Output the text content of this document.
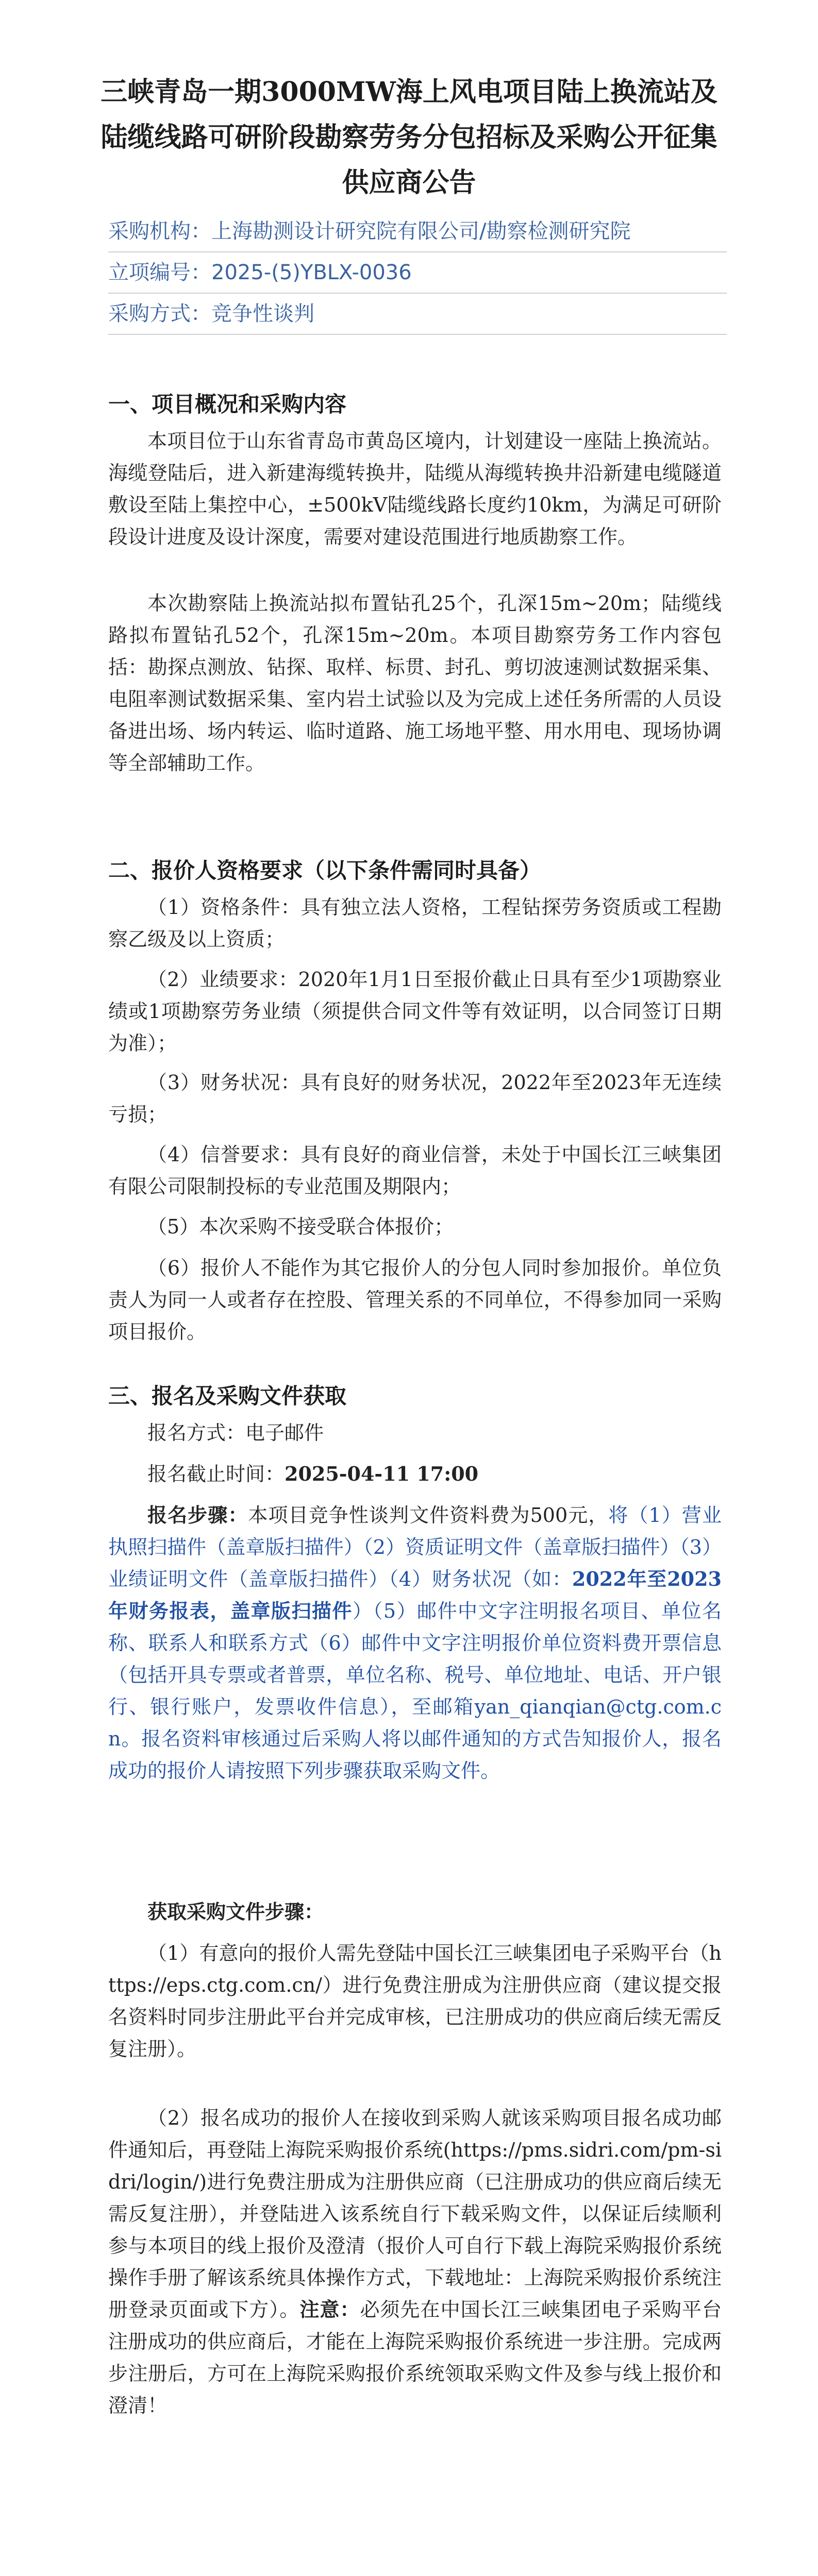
三峡青岛一期3000MW海上风电项目陆上换流站及
陆缆线路可研阶段勘察劳务分包招标及采购公开征集
供应商公告
采购机构：上海勘测设计研究院有限公司/勘察检测研究院
立项编号：2025-(5)YBLX-0036
采购方式：竞争性谈判
一、项目概况和采购内容
本项目位于山东省青岛市黄岛区境内，计划建设一座陆上换流站。海缆登陆后，进入新建海缆转换井，陆缆从海缆转换井沿新建电缆隧道敷设至陆上集控中心，±500kV陆缆线路长度约10km，为满足可研阶段设计进度及设计深度，需要对建设范围进行地质勘察工作。
本次勘察陆上换流站拟布置钻孔25个，孔深15m~20m；陆缆线路拟布置钻孔52个，孔深15m~20m。本项目勘察劳务工作内容包括：勘探点测放、钻探、取样、标贯、封孔、剪切波速测试数据采集、电阻率测试数据采集、室内岩土试验以及为完成上述任务所需的人员设备进出场、场内转运、临时道路、施工场地平整、用水用电、现场协调等全部辅助工作。
二、报价人资格要求（以下条件需同时具备）
（1）资格条件：具有独立法人资格，工程钻探劳务资质或工程勘察乙级及以上资质；
（2）业绩要求：2020年1月1日至报价截止日具有至少1项勘察业绩或1项勘察劳务业绩（须提供合同文件等有效证明，以合同签订日期为准）；
（3）财务状况：具有良好的财务状况，2022年至2023年无连续亏损；
（4）信誉要求：具有良好的商业信誉，未处于中国长江三峡集团有限公司限制投标的专业范围及期限内；
（5）本次采购不接受联合体报价；
（6）报价人不能作为其它报价人的分包人同时参加报价。单位负责人为同一人或者存在控股、管理关系的不同单位，不得参加同一采购项目报价。
三、报名及采购文件获取
报名方式：电子邮件
报名截止时间：2025-04-11 17:00
报名步骤：本项目竞争性谈判文件资料费为500元，将（1）营业执照扫描件（盖章版扫描件）（2）资质证明文件（盖章版扫描件）（3）业绩证明文件（盖章版扫描件）（4）财务状况（如：2022年至2023年财务报表，盖章版扫描件）（5）邮件中文字注明报名项目、单位名称、联系人和联系方式（6）邮件中文字注明报价单位资料费开票信息（包括开具专票或者普票，单位名称、税号、单位地址、电话、开户银行、银行账户，发票收件信息），至邮箱yan_qianqian@ctg.com.cn。报名资料审核通过后采购人将以邮件通知的方式告知报价人，报名成功的报价人请按照下列步骤获取采购文件。
获取采购文件步骤：
（1）有意向的报价人需先登陆中国长江三峡集团电子采购平台（https://eps.ctg.com.cn/）进行免费注册成为注册供应商（建议提交报名资料时同步注册此平台并完成审核，已注册成功的供应商后续无需反复注册）。
（2）报名成功的报价人在接收到采购人就该采购项目报名成功邮件通知后，再登陆上海院采购报价系统(https://pms.sidri.com/pm-sidri/login/)进行免费注册成为注册供应商（已注册成功的供应商后续无需反复注册），并登陆进入该系统自行下载采购文件，以保证后续顺利参与本项目的线上报价及澄清（报价人可自行下载上海院采购报价系统操作手册了解该系统具体操作方式，下载地址：上海院采购报价系统注册登录页面或下方）。注意：必须先在中国长江三峡集团电子采购平台注册成功的供应商后，才能在上海院采购报价系统进一步注册。完成两步注册后，方可在上海院采购报价系统领取采购文件及参与线上报价和澄清！
